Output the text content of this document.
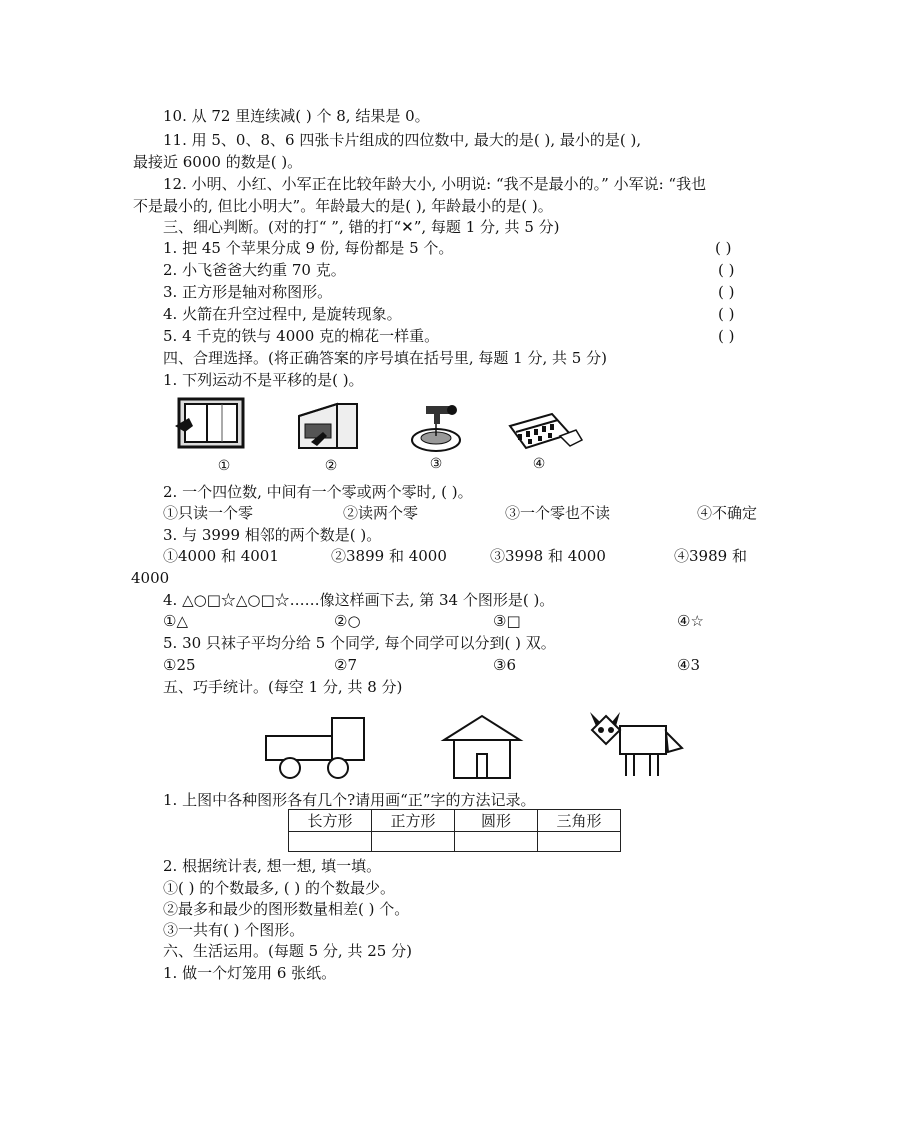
10. 从 72 里连续减( ) 个 8, 结果是 0。
11. 用 5、0、8、6 四张卡片组成的四位数中, 最大的是( ), 最小的是( ),
最接近 6000 的数是( )。
12. 小明、小红、小军正在比较年龄大小, 小明说: “我不是最小的。” 小军说: “我也
不是最小的, 但比小明大”。年龄最大的是( ), 年龄最小的是( )。
三、细心判断。(对的打“ ”, 错的打“✕”, 每题 1 分, 共 5 分)
1. 把 45 个苹果分成 9 份, 每份都是 5 个。	( )
2. 小飞爸爸大约重 70 克。	( )
3. 正方形是轴对称图形。	( )
4. 火箭在升空过程中, 是旋转现象。	( )
5. 4 千克的铁与 4000 克的棉花一样重。	( )
四、合理选择。(将正确答案的序号填在括号里, 每题 1 分, 共 5 分)
1. 下列运动不是平移的是( )。
①	②	③	④
2. 一个四位数, 中间有一个零或两个零时, ( )。
①只读一个零	②读两个零	③一个零也不读	④不确定
3. 与 3999 相邻的两个数是( )。
①4000 和 4001	②3899 和 4000	③3998 和 4000	④3989 和
4000
4. △○□☆△○□☆……像这样画下去, 第 34 个图形是( )。
①△	②○	③□	④☆
5. 30 只袜子平均分给 5 个同学, 每个同学可以分到( ) 双。
①25	②7	③6	④3
五、巧手统计。(每空 1 分, 共 8 分)
1. 上图中各种图形各有几个?请用画“正”字的方法记录。
长方形	正方形	圆形	三角形

2. 根据统计表, 想一想, 填一填。
①( ) 的个数最多, ( ) 的个数最少。
②最多和最少的图形数量相差( ) 个。
③一共有( ) 个图形。
六、生活运用。(每题 5 分, 共 25 分)
1. 做一个灯笼用 6 张纸。
